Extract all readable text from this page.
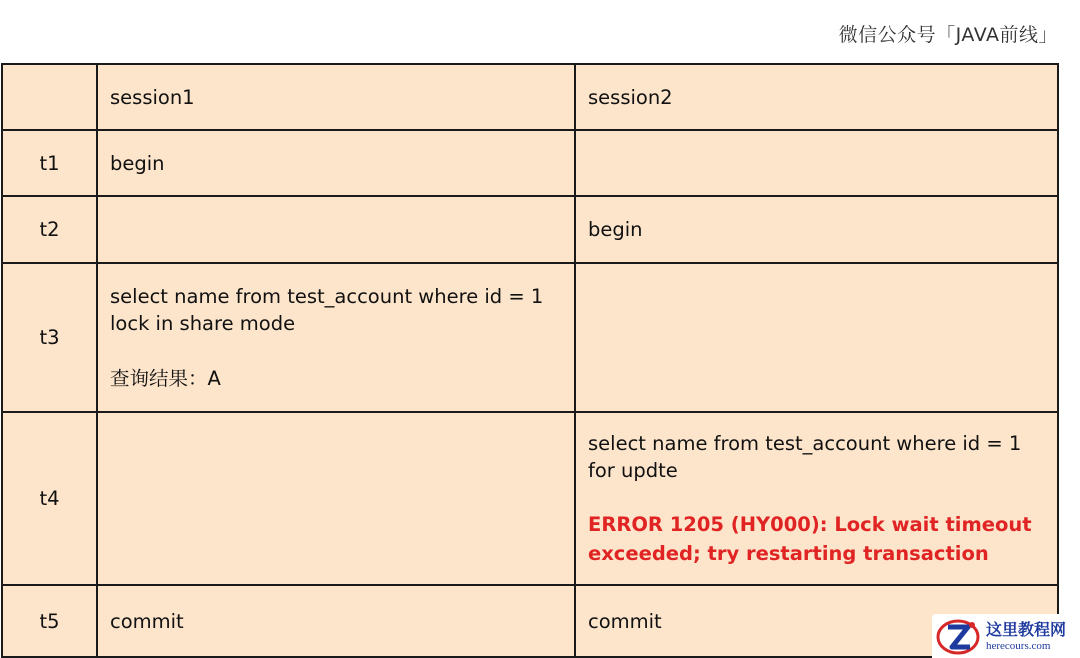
微信公众号「JAVA前线」
	session1	session2
t1	begin	
t2		begin
t3	select name from test_account where id = 1
lock in share mode
查询结果：A	

t4		select name from test_account where id = 1
for updte
ERROR 1205 (HY000): Lock wait timeout
exceeded; try restarting transaction

t5	commit	commit	这里教程网
herecours.com
